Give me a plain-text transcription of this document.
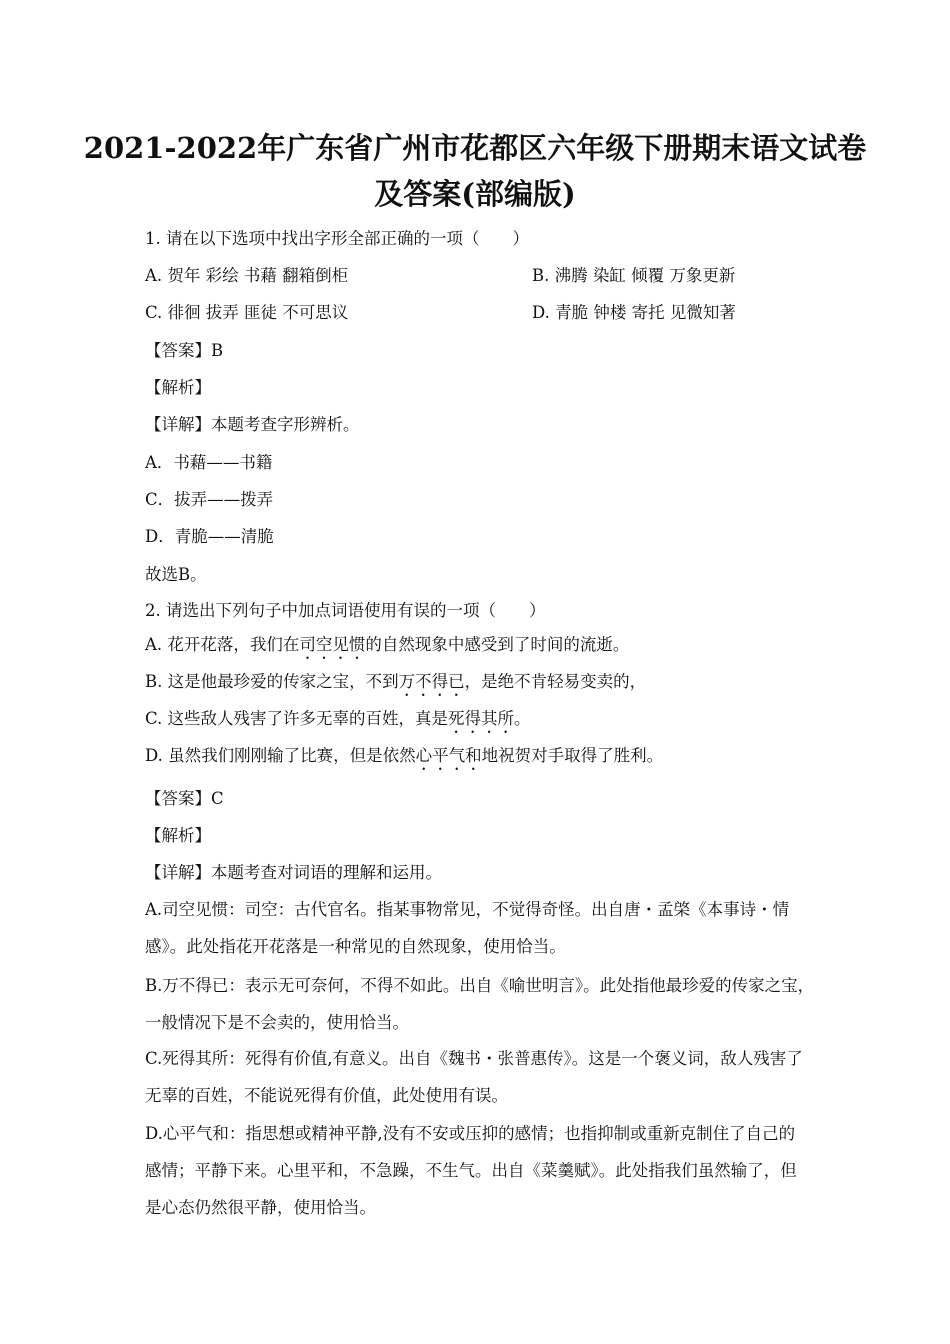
2021-2022年广东省广州市花都区六年级下册期末语文试卷
及答案(部编版)
1. 请在以下选项中找出字形全部正确的一项（　　）
A. 贺年 彩绘 书藉 翻箱倒柜	B. 沸腾 染缸 倾覆 万象更新
C. 徘徊 拔弄 匪徒 不可思议	D. 青脆 钟楼 寄托 见微知著
【答案】B
【解析】
【详解】本题考查字形辨析。
A．书藉——书籍
C．拔弄——拨弄
D．青脆——清脆
故选B。
2. 请选出下列句子中加点词语使用有误的一项（　　）
A. 花开花落，我们在司空见惯的自然现象中感受到了时间的流逝。
B. 这是他最珍爱的传家之宝，不到万不得已，是绝不肯轻易变卖的，
C. 这些敌人残害了许多无辜的百姓，真是死得其所。
D. 虽然我们刚刚输了比赛，但是依然心平气和地祝贺对手取得了胜利。
【答案】C
【解析】
【详解】本题考查对词语的理解和运用。
A.司空见惯：司空：古代官名。指某事物常见，不觉得奇怪。出自唐・孟棨《本事诗・情
感》。此处指花开花落是一种常见的自然现象，使用恰当。
B.万不得已：表示无可奈何，不得不如此。出自《喻世明言》。此处指他最珍爱的传家之宝，
一般情况下是不会卖的，使用恰当。
C.死得其所：死得有价值,有意义。出自《魏书・张普惠传》。这是一个褒义词，敌人残害了
无辜的百姓，不能说死得有价值，此处使用有误。
D.心平气和：指思想或精神平静,没有不安或压抑的感情；也指抑制或重新克制住了自己的
感情；平静下来。心里平和，不急躁，不生气。出自《菜羹赋》。此处指我们虽然输了，但
是心态仍然很平静，使用恰当。
